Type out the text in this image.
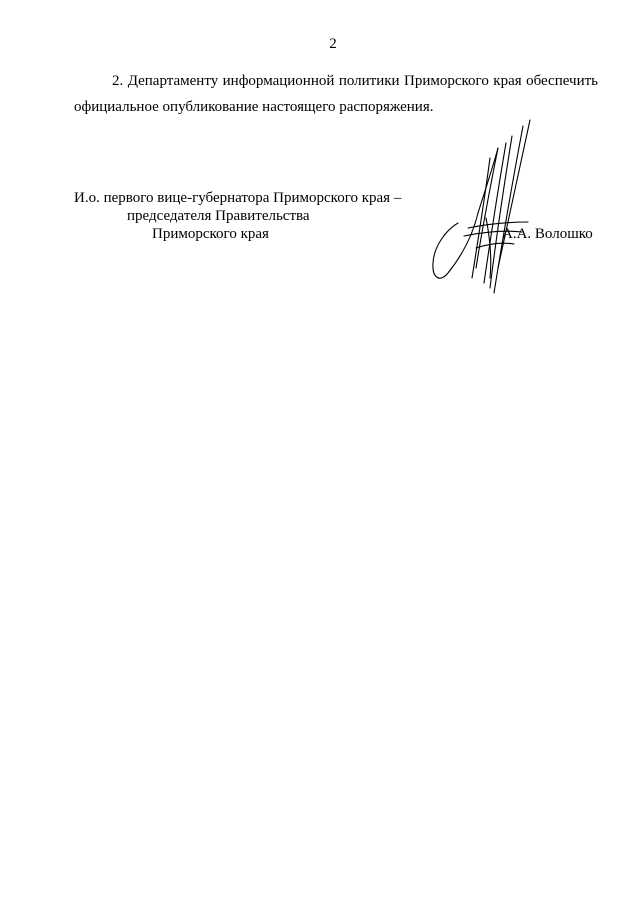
2

2. Департаменту информационной политики Приморского края обеспечить официальное опубликование настоящего распоряжения.

И.о. первого вице-губернатора Приморского края –
председателя Правительства
Приморского края	А.А. Волошко
